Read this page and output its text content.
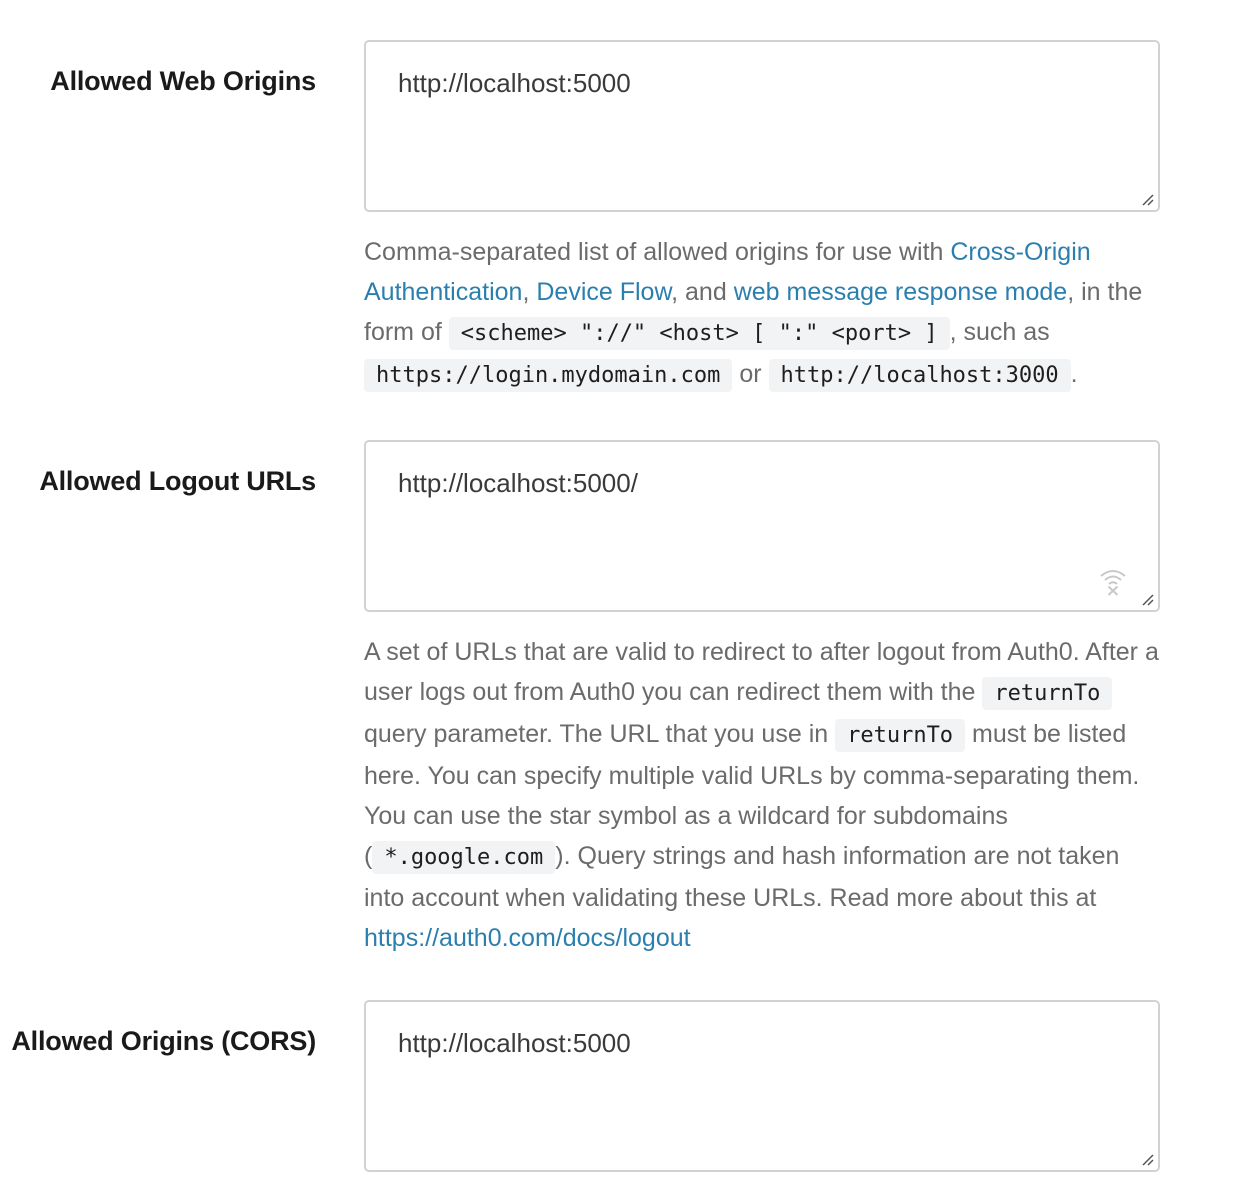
Allowed Web Origins
http://localhost:5000
Comma-separated list of allowed origins for use with Cross-Origin Authentication, Device Flow, and web message response mode, in the form of <scheme> "://" <host> [ ":" <port> ] , such as https://login.mydomain.com or http://localhost:3000 .
Allowed Logout URLs
http://localhost:5000/
A set of URLs that are valid to redirect to after logout from Auth0. After a user logs out from Auth0 you can redirect them with the returnTo query parameter. The URL that you use in returnTo must be listed here. You can specify multiple valid URLs by comma-separating them. You can use the star symbol as a wildcard for subdomains ( *.google.com ). Query strings and hash information are not taken into account when validating these URLs. Read more about this at https://auth0.com/docs/logout
Allowed Origins (CORS)
http://localhost:5000
